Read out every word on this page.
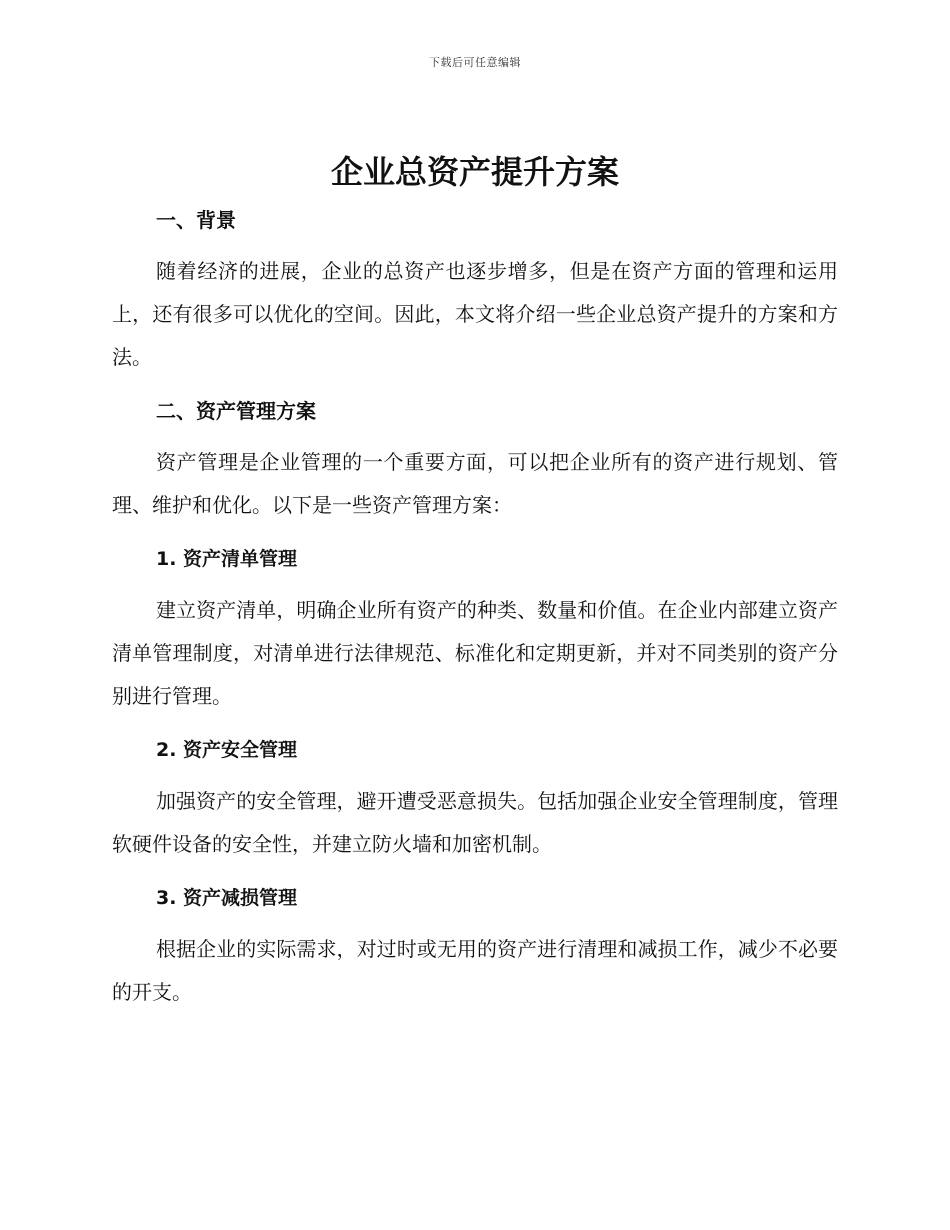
下载后可任意编辑
企业总资产提升方案
一、背景

随着经济的进展，企业的总资产也逐步增多，但是在资产方面的管理和运用上，还有很多可以优化的空间。因此，本文将介绍一些企业总资产提升的方案和方法。

二、资产管理方案

资产管理是企业管理的一个重要方面，可以把企业所有的资产进行规划、管理、维护和优化。以下是一些资产管理方案：

1. 资产清单管理

建立资产清单，明确企业所有资产的种类、数量和价值。在企业内部建立资产清单管理制度，对清单进行法律规范、标准化和定期更新，并对不同类别的资产分别进行管理。

2. 资产安全管理

加强资产的安全管理，避开遭受恶意损失。包括加强企业安全管理制度，管理软硬件设备的安全性，并建立防火墙和加密机制。

3. 资产减损管理

根据企业的实际需求，对过时或无用的资产进行清理和减损工作，减少不必要的开支。
